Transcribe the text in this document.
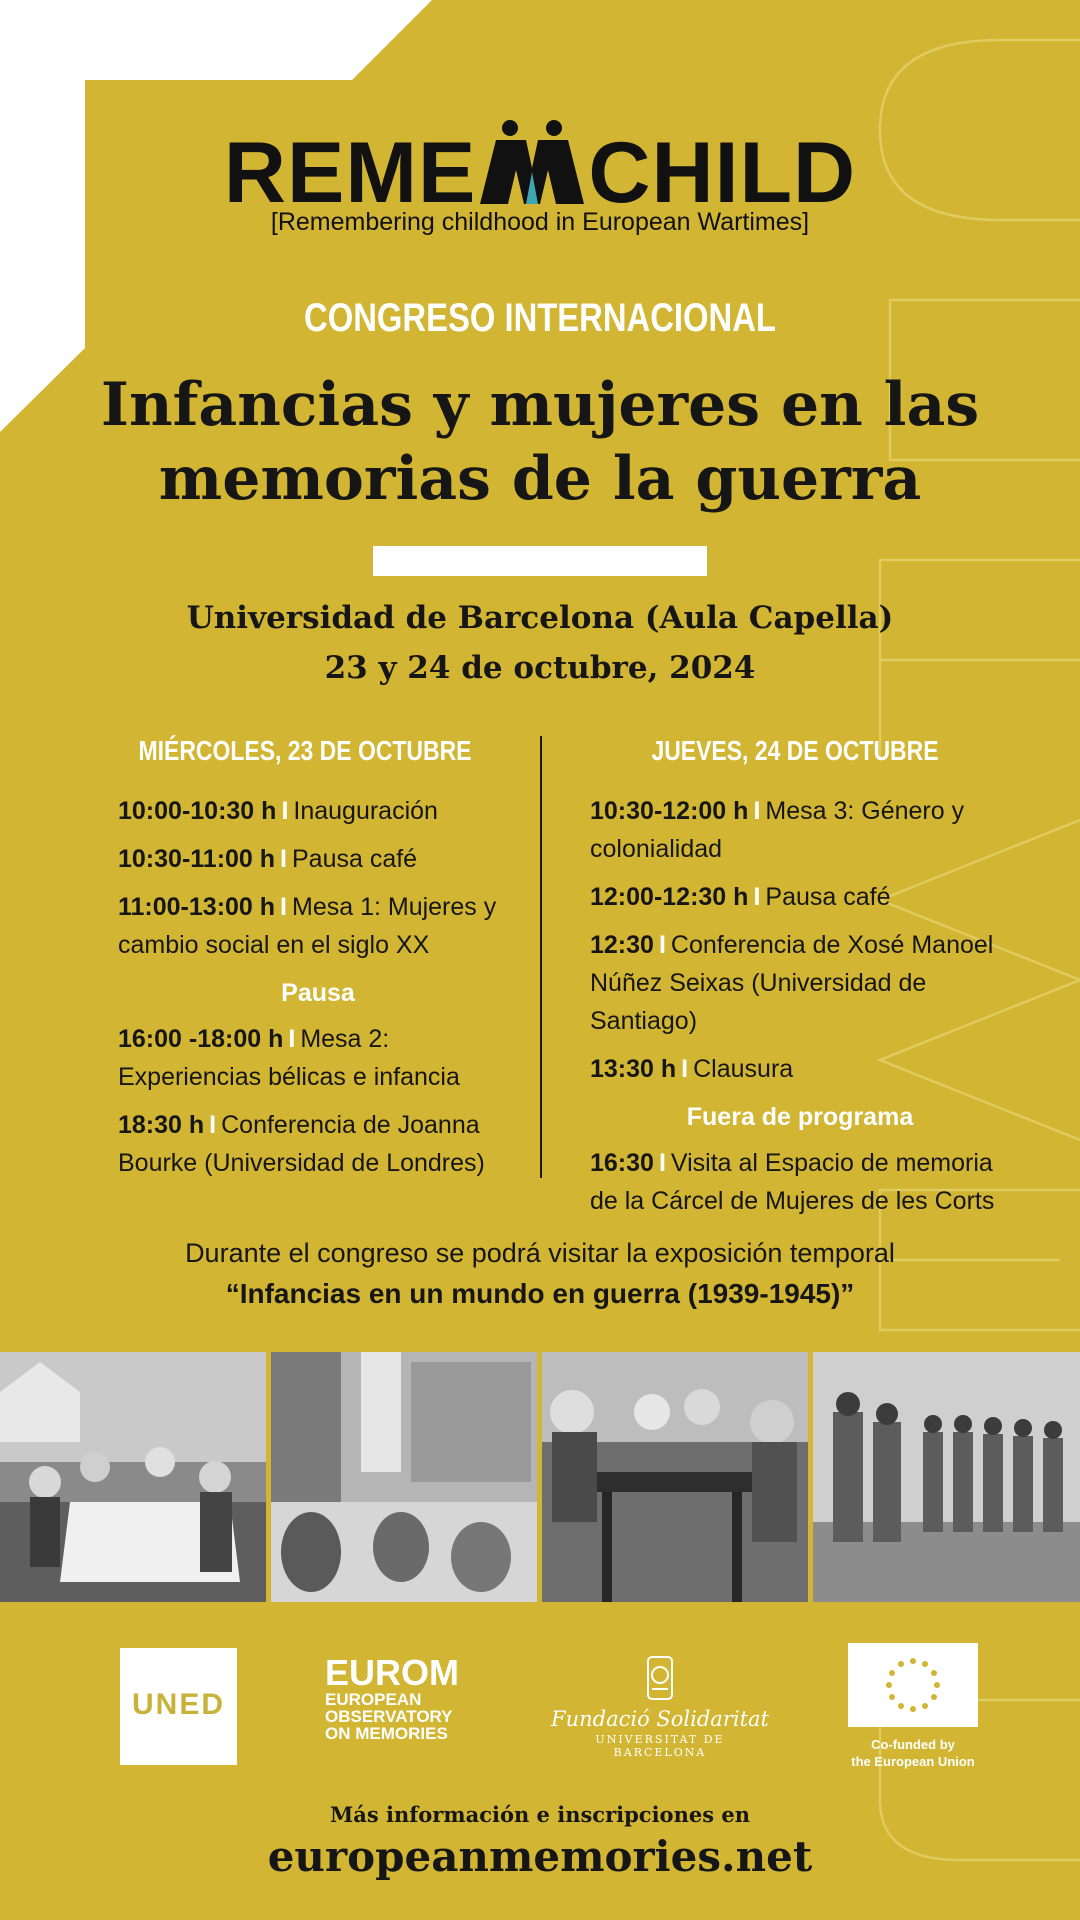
REME CHILD
[Remembering childhood in European Wartimes]
CONGRESO INTERNACIONAL
Infancias y mujeres en las
memorias de la guerra
Universidad de Barcelona (Aula Capella)
23 y 24 de octubre, 2024
MIÉRCOLES, 23 DE OCTUBRE	JUEVES, 24 DE OCTUBRE
10:00-10:30 h I Inauguración
10:30-11:00 h I Pausa café
11:00-13:00 h I Mesa 1: Mujeres y cambio social en el siglo XX
Pausa
16:00 -18:00 h I Mesa 2: Experiencias bélicas e infancia
18:30 h I Conferencia de Joanna Bourke (Universidad de Londres)
10:30-12:00 h I Mesa 3: Género y colonialidad
12:00-12:30 h I Pausa café
12:30 I Conferencia de Xosé Manoel Núñez Seixas (Universidad de Santiago)
13:30 h I Clausura
Fuera de programa
16:30 I Visita al Espacio de memoria de la Cárcel de Mujeres de les Corts
Durante el congreso se podrá visitar la exposición temporal
“Infancias en un mundo en guerra (1939-1945)”
UNED
EUROM
EUROPEAN
OBSERVATORY
ON MEMORIES
Fundació Solidaritat
UNIVERSITAT DE BARCELONA
Co-funded by
the European Union
Más información e inscripciones en
europeanmemories.net
